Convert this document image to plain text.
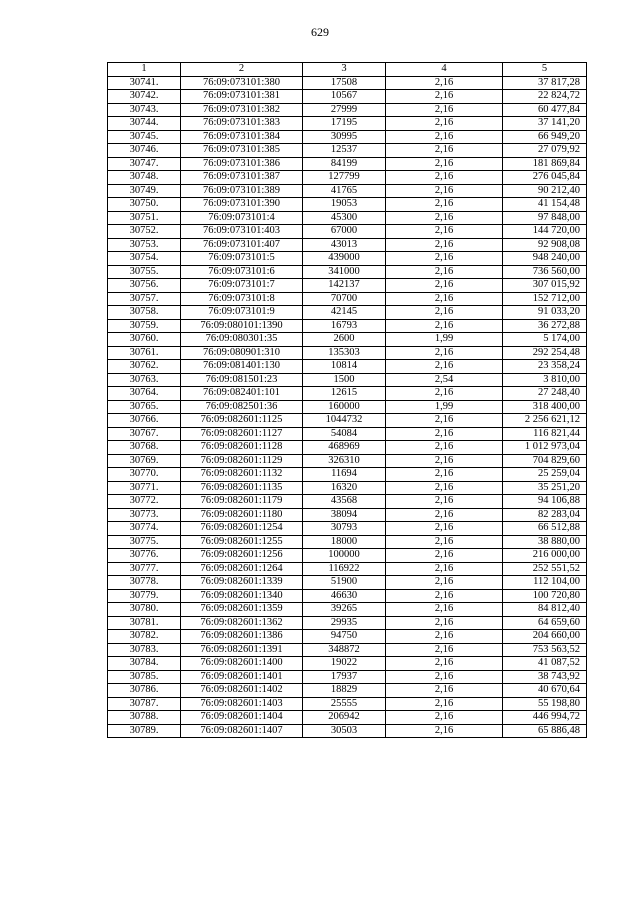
629
1	2	3	4	5
30741.	76:09:073101:380	17508	2,16	37 817,28
30742.	76:09:073101:381	10567	2,16	22 824,72
30743.	76:09:073101:382	27999	2,16	60 477,84
30744.	76:09:073101:383	17195	2,16	37 141,20
30745.	76:09:073101:384	30995	2,16	66 949,20
30746.	76:09:073101:385	12537	2,16	27 079,92
30747.	76:09:073101:386	84199	2,16	181 869,84
30748.	76:09:073101:387	127799	2,16	276 045,84
30749.	76:09:073101:389	41765	2,16	90 212,40
30750.	76:09:073101:390	19053	2,16	41 154,48
30751.	76:09:073101:4	45300	2,16	97 848,00
30752.	76:09:073101:403	67000	2,16	144 720,00
30753.	76:09:073101:407	43013	2,16	92 908,08
30754.	76:09:073101:5	439000	2,16	948 240,00
30755.	76:09:073101:6	341000	2,16	736 560,00
30756.	76:09:073101:7	142137	2,16	307 015,92
30757.	76:09:073101:8	70700	2,16	152 712,00
30758.	76:09:073101:9	42145	2,16	91 033,20
30759.	76:09:080101:1390	16793	2,16	36 272,88
30760.	76:09:080301:35	2600	1,99	5 174,00
30761.	76:09:080901:310	135303	2,16	292 254,48
30762.	76:09:081401:130	10814	2,16	23 358,24
30763.	76:09:081501:23	1500	2,54	3 810,00
30764.	76:09:082401:101	12615	2,16	27 248,40
30765.	76:09:082501:36	160000	1,99	318 400,00
30766.	76:09:082601:1125	1044732	2,16	2 256 621,12
30767.	76:09:082601:1127	54084	2,16	116 821,44
30768.	76:09:082601:1128	468969	2,16	1 012 973,04
30769.	76:09:082601:1129	326310	2,16	704 829,60
30770.	76:09:082601:1132	11694	2,16	25 259,04
30771.	76:09:082601:1135	16320	2,16	35 251,20
30772.	76:09:082601:1179	43568	2,16	94 106,88
30773.	76:09:082601:1180	38094	2,16	82 283,04
30774.	76:09:082601:1254	30793	2,16	66 512,88
30775.	76:09:082601:1255	18000	2,16	38 880,00
30776.	76:09:082601:1256	100000	2,16	216 000,00
30777.	76:09:082601:1264	116922	2,16	252 551,52
30778.	76:09:082601:1339	51900	2,16	112 104,00
30779.	76:09:082601:1340	46630	2,16	100 720,80
30780.	76:09:082601:1359	39265	2,16	84 812,40
30781.	76:09:082601:1362	29935	2,16	64 659,60
30782.	76:09:082601:1386	94750	2,16	204 660,00
30783.	76:09:082601:1391	348872	2,16	753 563,52
30784.	76:09:082601:1400	19022	2,16	41 087,52
30785.	76:09:082601:1401	17937	2,16	38 743,92
30786.	76:09:082601:1402	18829	2,16	40 670,64
30787.	76:09:082601:1403	25555	2,16	55 198,80
30788.	76:09:082601:1404	206942	2,16	446 994,72
30789.	76:09:082601:1407	30503	2,16	65 886,48
